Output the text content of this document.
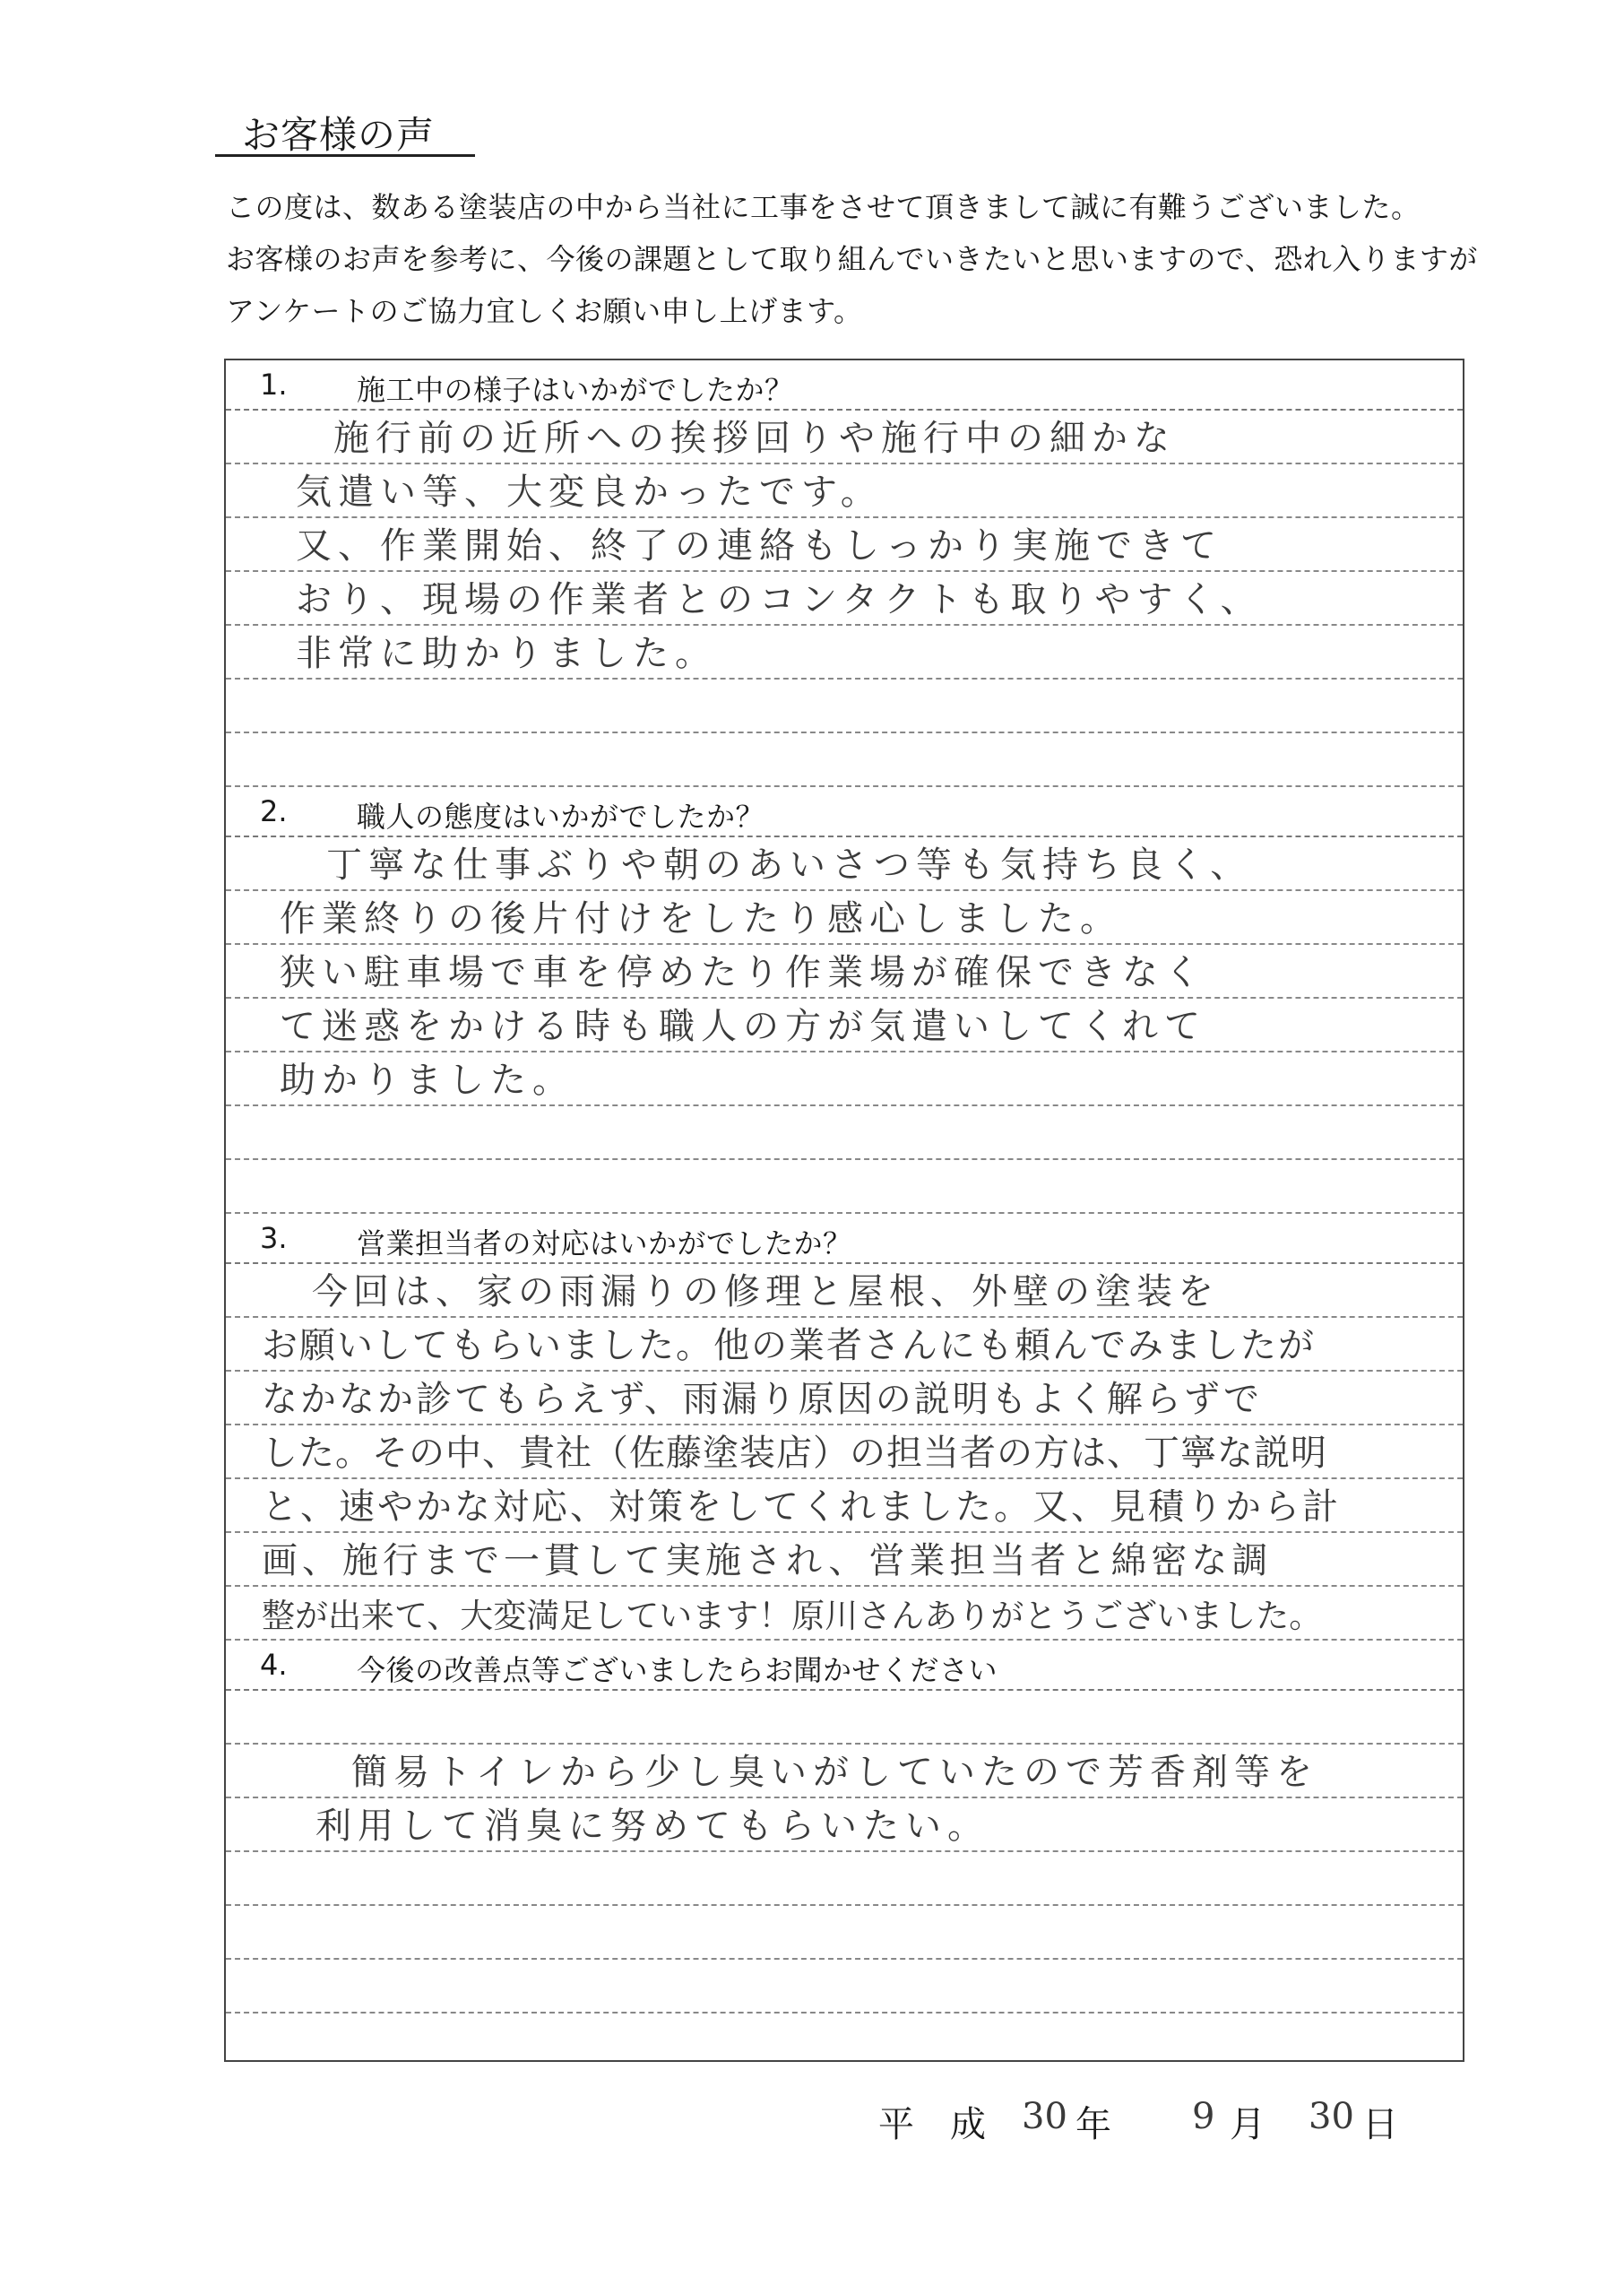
お客様の声
この度は、数ある塗装店の中から当社に工事をさせて頂きまして誠に有難うございました。
お客様のお声を参考に、今後の課題として取り組んでいきたいと思いますので、恐れ入りますが
アンケートのご協力宜しくお願い申し上げます。
1. 施工中の様子はいかがでしたか？
施行前の近所への挨拶回りや施行中の細かな
気遣い等、大変良かったです。
又、作業開始、終了の連絡もしっかり実施できて
おり、現場の作業者とのコンタクトも取りやすく、
非常に助かりました。
2. 職人の態度はいかがでしたか？
丁寧な仕事ぶりや朝のあいさつ等も気持ち良く、
作業終りの後片付けをしたり感心しました。
狭い駐車場で車を停めたり作業場が確保できなく
て迷惑をかける時も職人の方が気遣いしてくれて
助かりました。
3. 営業担当者の対応はいかがでしたか？
今回は、家の雨漏りの修理と屋根、外壁の塗装を
お願いしてもらいました。他の業者さんにも頼んでみましたが
なかなか診てもらえず、雨漏り原因の説明もよく解らずで
した。その中、貴社（佐藤塗装店）の担当者の方は、丁寧な説明
と、速やかな対応、対策をしてくれました。又、見積りから計
画、施行まで一貫して実施され、営業担当者と綿密な調
整が出来て、大変満足しています！原川さんありがとうございました。
4. 今後の改善点等ございましたらお聞かせください
簡易トイレから少し臭いがしていたので芳香剤等を
利用して消臭に努めてもらいたい。
平　成 30 年 9 月 30 日
